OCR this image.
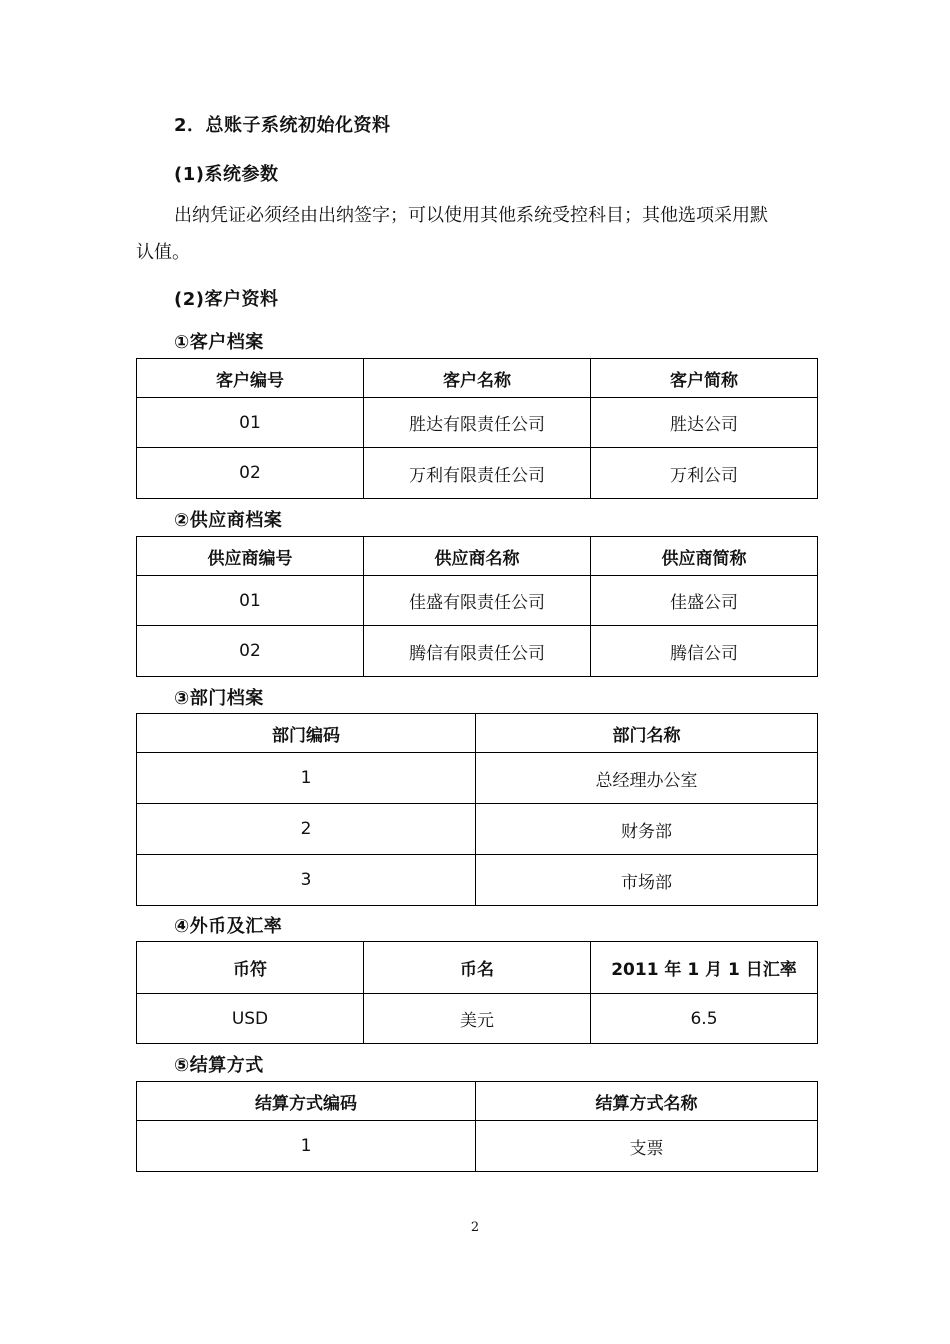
2．总账子系统初始化资料
(1)系统参数
出纳凭证必须经由出纳签字；可以使用其他系统受控科目；其他选项采用默
认值。
(2)客户资料
①客户档案
客户编号	客户名称	客户简称
01	胜达有限责任公司	胜达公司
02	万利有限责任公司	万利公司
②供应商档案
供应商编号	供应商名称	供应商简称
01	佳盛有限责任公司	佳盛公司
02	腾信有限责任公司	腾信公司
③部门档案
部门编码	部门名称
1	总经理办公室
2	财务部
3	市场部
④外币及汇率
币符	币名	2011 年 1 月 1 日汇率
USD	美元	6.5
⑤结算方式
结算方式编码	结算方式名称
1	支票
2
